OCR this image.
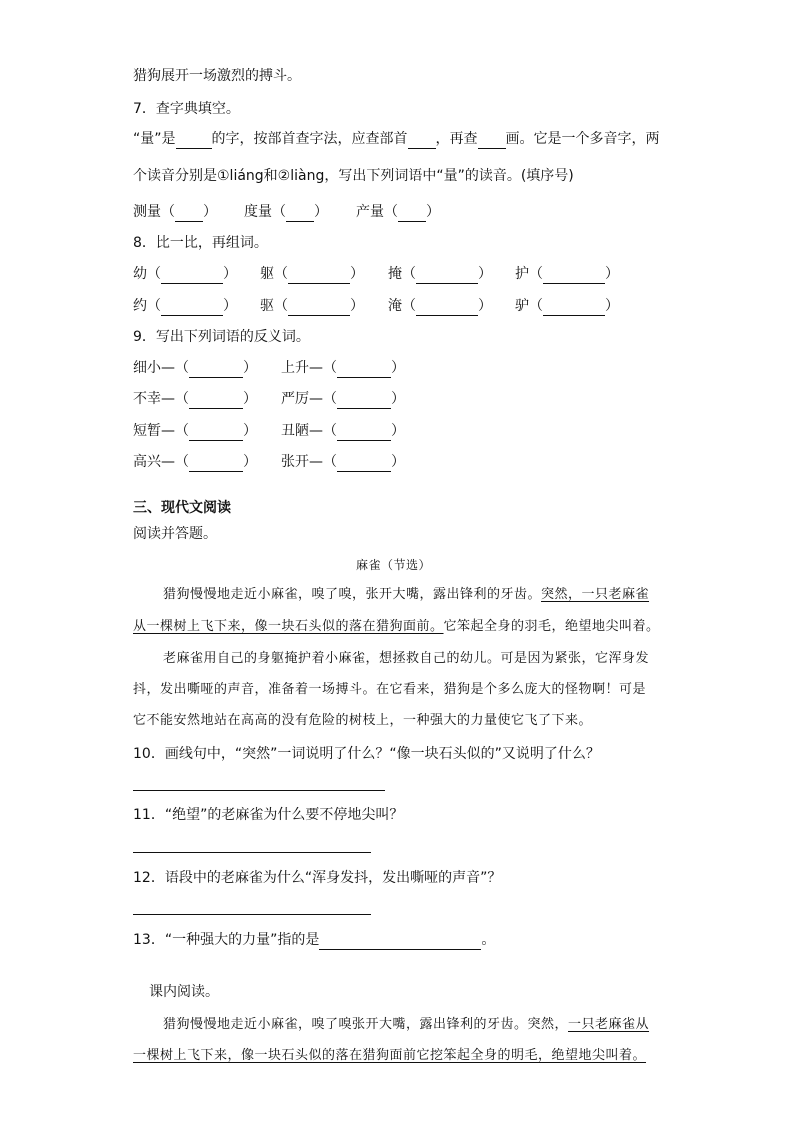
猎狗展开一场激烈的搏斗。
7．查字典填空。
“量”是	的字，按部首查字法，应查部首 ，再查 画。它是一个多音字，两
个读音分别是①liáng和②liàng，写出下列词语中“量”的读音。(填序号)
测量（ ） 度量（ ） 产量（ ）
8．比一比，再组词。
幼（	） 躯（	） 掩（	） 护（	）
约（	） 驱（	） 淹（	） 驴（	）
9．写出下列词语的反义词。
细小—（	） 上升—（	）
不幸—（	） 严厉—（	）
短暂—（	） 丑陋—（	）
高兴—（	） 张开—（	）
三、现代文阅读
阅读并答题。
麻雀（节选）
猎狗慢慢地走近小麻雀，嗅了嗅，张开大嘴，露出锋利的牙齿。突然，一只老麻雀
从一棵树上飞下来，像一块石头似的落在猎狗面前。它笨起全身的羽毛，绝望地尖叫着。
老麻雀用自己的身躯掩护着小麻雀，想拯救自己的幼儿。可是因为紧张，它浑身发
抖，发出嘶哑的声音，准备着一场搏斗。在它看来，猎狗是个多么庞大的怪物啊！可是
它不能安然地站在高高的没有危险的树枝上，一种强大的力量使它飞了下来。
10．画线句中，“突然”一词说明了什么？“像一块石头似的”又说明了什么？
11．“绝望”的老麻雀为什么要不停地尖叫？
12．语段中的老麻雀为什么“浑身发抖，发出嘶哑的声音”？
13．“一种强大的力量”指的是	。
课内阅读。
猎狗慢慢地走近小麻雀，嗅了嗅张开大嘴，露出锋利的牙齿。突然，一只老麻雀从
一棵树上飞下来，像一块石头似的落在猎狗面前它挖笨起全身的明毛，绝望地尖叫着。
